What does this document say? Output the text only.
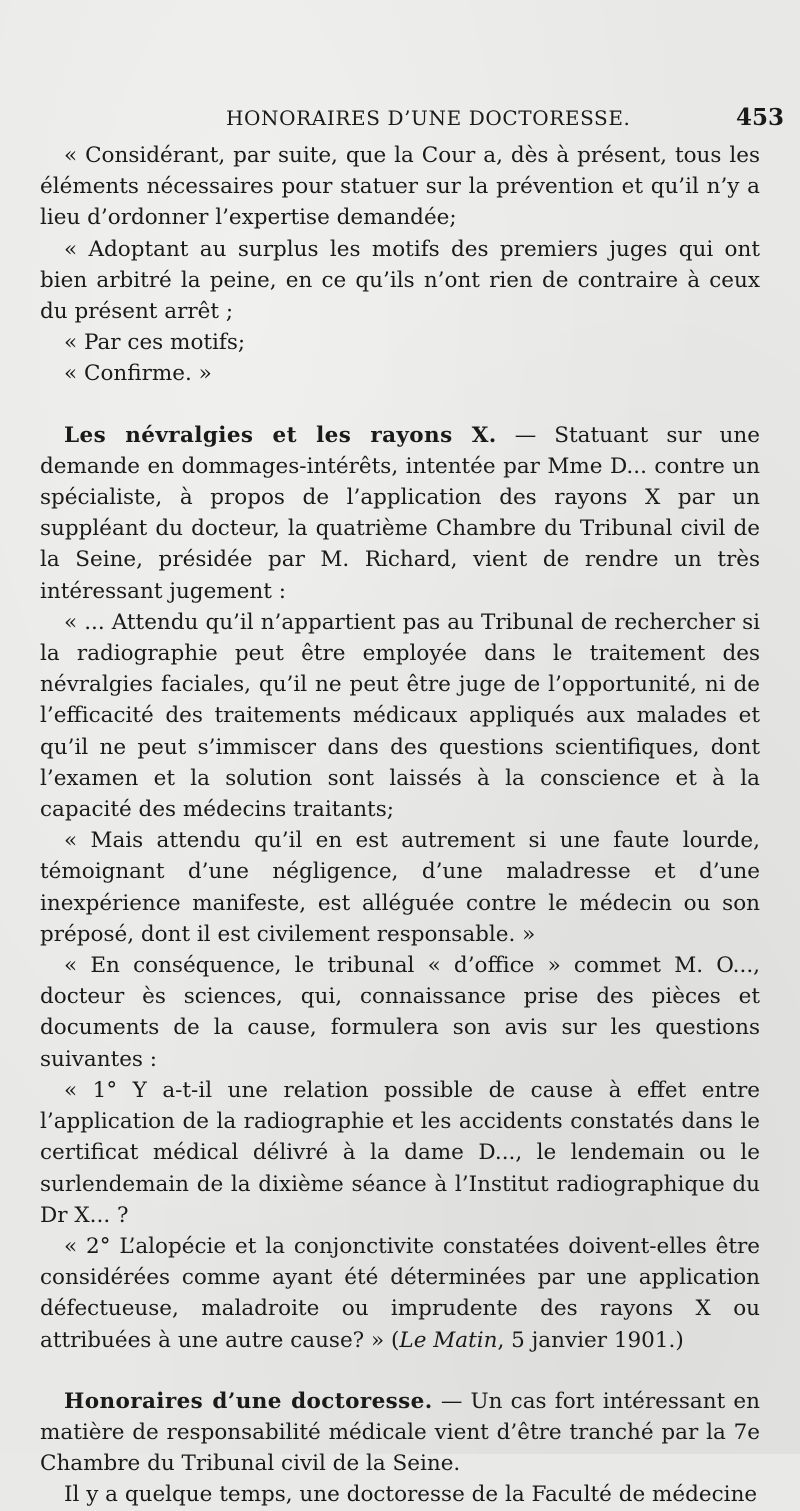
HONORAIRES D’UNE DOCTORESSE.	453

« Considérant, par suite, que la Cour a, dès à présent, tous les éléments nécessaires pour statuer sur la prévention et qu’il n’y a lieu d’ordonner l’expertise demandée;

« Adoptant au surplus les motifs des premiers juges qui ont bien arbitré la peine, en ce qu’ils n’ont rien de contraire à ceux du présent arrêt ;

« Par ces motifs;

« Confirme. »

Les névralgies et les rayons X. — Statuant sur une demande en dommages-intérêts, intentée par Mme D... contre un spécialiste, à propos de l’application des rayons X par un suppléant du docteur, la quatrième Chambre du Tribunal civil de la Seine, présidée par M. Richard, vient de rendre un très intéressant jugement :

« ... Attendu qu’il n’appartient pas au Tribunal de rechercher si la radiographie peut être employée dans le traitement des névralgies faciales, qu’il ne peut être juge de l’opportunité, ni de l’efficacité des traitements médicaux appliqués aux malades et qu’il ne peut s’immiscer dans des questions scientifiques, dont l’examen et la solution sont laissés à la conscience et à la capacité des médecins traitants;

« Mais attendu qu’il en est autrement si une faute lourde, témoignant d’une négligence, d’une maladresse et d’une inexpérience manifeste, est alléguée contre le médecin ou son préposé, dont il est civilement responsable. »

« En conséquence, le tribunal « d’office » commet M. O..., docteur ès sciences, qui, connaissance prise des pièces et documents de la cause, formulera son avis sur les questions suivantes :

« 1° Y a-t-il une relation possible de cause à effet entre l’application de la radiographie et les accidents constatés dans le certificat médical délivré à la dame D..., le lendemain ou le surlendemain de la dixième séance à l’Institut radiographique du Dr X... ?

« 2° L’alopécie et la conjonctivite constatées doivent-elles être considérées comme ayant été déterminées par une application défectueuse, maladroite ou imprudente des rayons X ou attribuées à une autre cause? » (Le Matin, 5 janvier 1901.)

Honoraires d’une doctoresse. — Un cas fort intéressant en matière de responsabilité médicale vient d’être tranché par la 7e Chambre du Tribunal civil de la Seine.

Il y a quelque temps, une doctoresse de la Faculté de médecine
